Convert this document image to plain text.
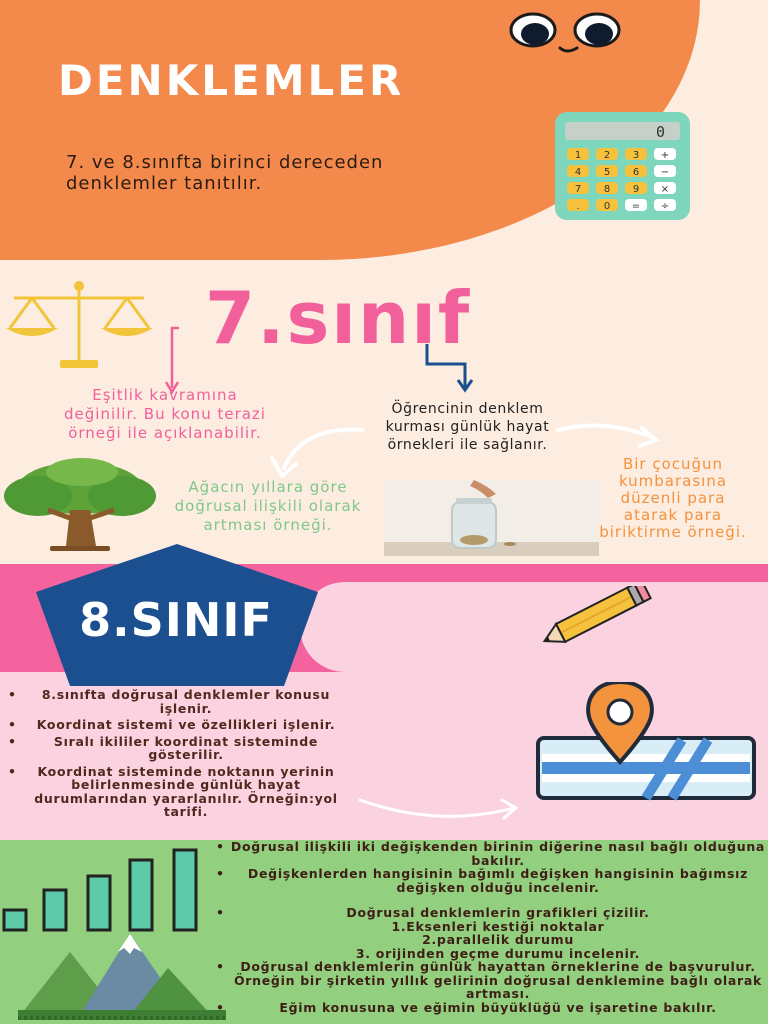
DENKLEMLER
7. ve 8.sınıfta birinci dereceden denklemler tanıtılır.
0
1 2 3 +
4 5 6 −
7 8 9 ×
. 0 = ÷
7.sınıf
Eşitlik kavramına değinilir. Bu konu terazi örneği ile açıklanabilir.
Öğrencinin denklem kurması günlük hayat örnekleri ile sağlanır.
Ağacın yıllara göre doğrusal ilişkili olarak artması örneği.
Bir çocuğun kumbarasına düzenli para atarak para biriktirme örneği.
8.SINIF
• 8.sınıfta doğrusal denklemler konusu işlenir.
• Koordinat sistemi ve özellikleri işlenir.
• Sıralı ikililer koordinat sisteminde gösterilir.
• Koordinat sisteminde noktanın yerinin belirlenmesinde günlük hayat durumlarından yararlanılır. Örneğin:yol tarifi.
• Doğrusal ilişkili iki değişkenden birinin diğerine nasıl bağlı olduğuna bakılır.
• Değişkenlerden hangisinin bağımlı değişken hangisinin bağımsız değişken olduğu incelenir.
• Doğrusal denklemlerin grafikleri çizilir.
1.Eksenleri kestiği noktalar
2.parallelik durumu
3. orijinden geçme durumu incelenir.
• Doğrusal denklemlerin günlük hayattan örneklerine de başvurulur. Örneğin bir şirketin yıllık gelirinin doğrusal denklemine bağlı olarak artması.
• Eğim konusuna ve eğimin büyüklüğü ve işaretine bakılır.
